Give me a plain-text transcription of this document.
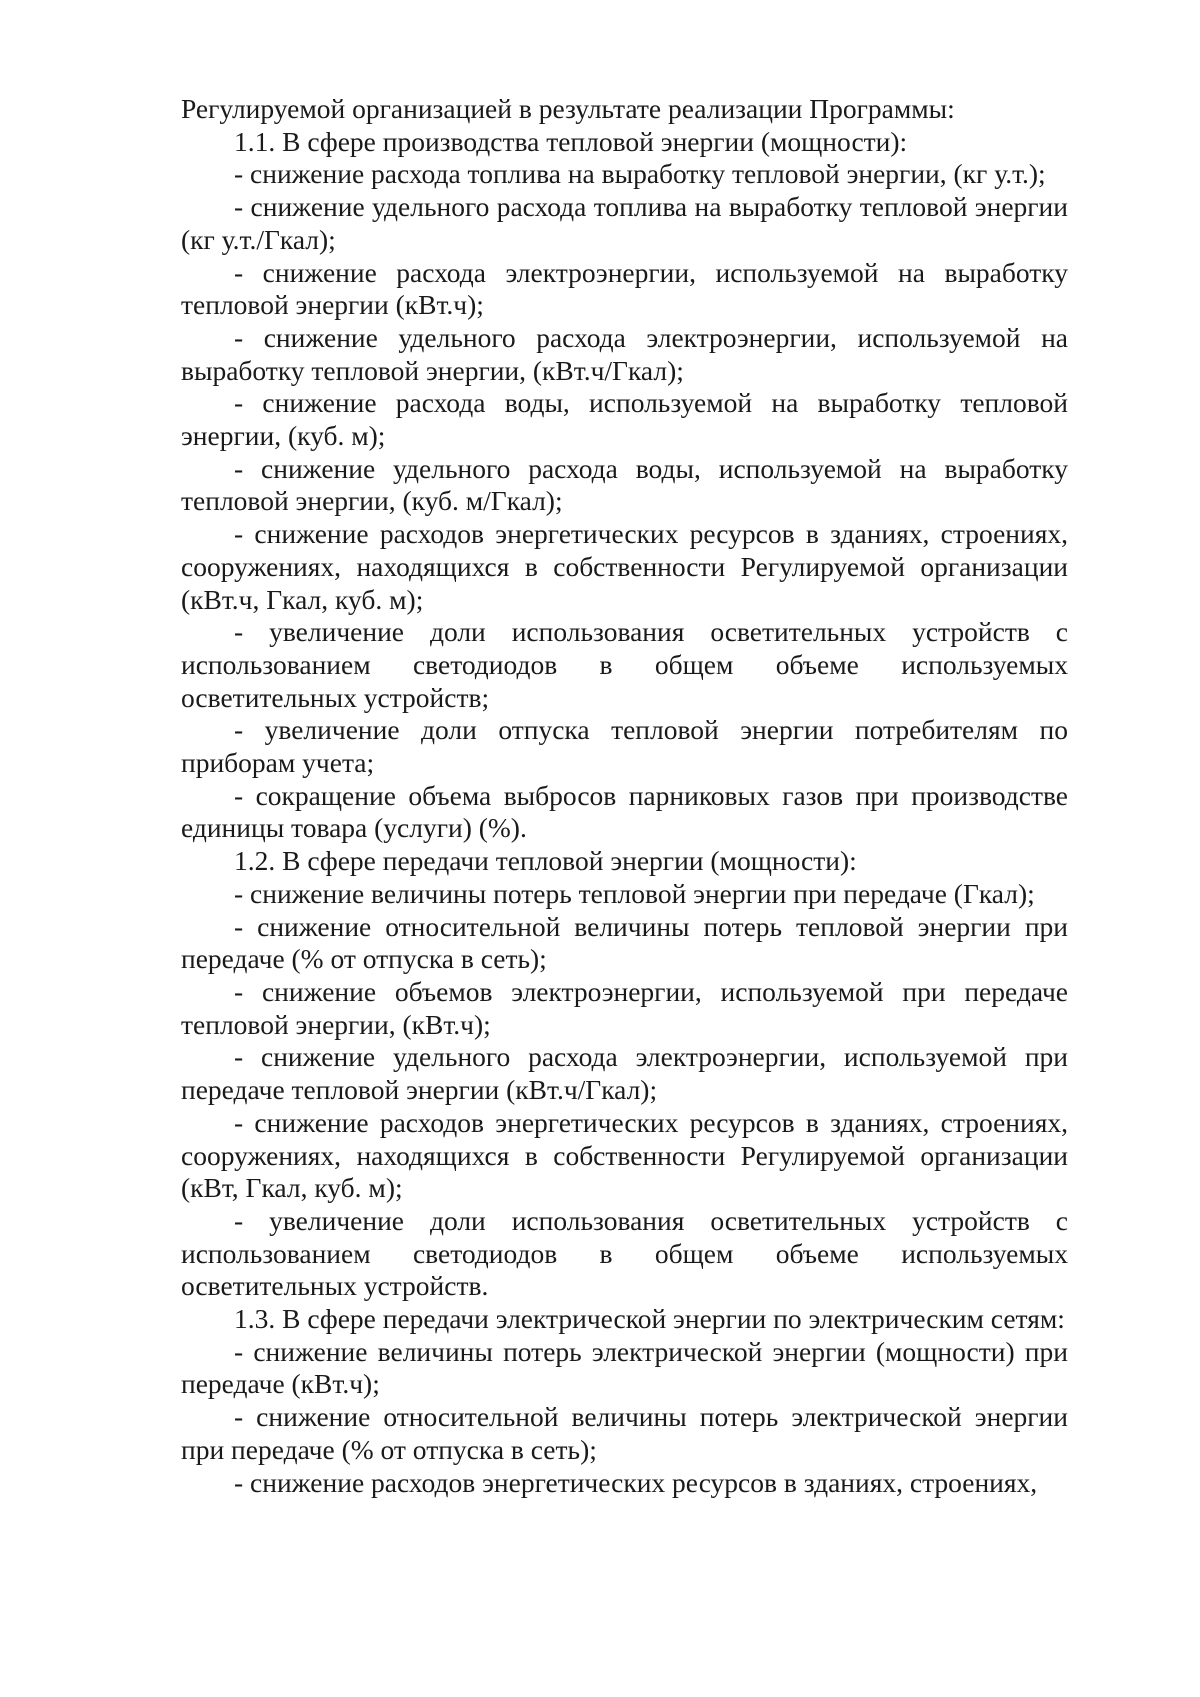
Регулируемой организацией в результате реализации Программы:

1.1. В сфере производства тепловой энергии (мощности):

- снижение расхода топлива на выработку тепловой энергии, (кг у.т.);

- снижение удельного расхода топлива на выработку тепловой энергии (кг у.т./Гкал);

- снижение расхода электроэнергии, используемой на выработку тепловой энергии (кВт.ч);

- снижение удельного расхода электроэнергии, используемой на выработку тепловой энергии, (кВт.ч/Гкал);

- снижение расхода воды, используемой на выработку тепловой энергии, (куб. м);

- снижение удельного расхода воды, используемой на выработку тепловой энергии, (куб. м/Гкал);

- снижение расходов энергетических ресурсов в зданиях, строениях, сооружениях, находящихся в собственности Регулируемой организации (кВт.ч, Гкал, куб. м);

- увеличение доли использования осветительных устройств с использованием светодиодов в общем объеме используемых осветительных устройств;

- увеличение доли отпуска тепловой энергии потребителям по приборам учета;

- сокращение объема выбросов парниковых газов при производстве единицы товара (услуги) (%).

1.2. В сфере передачи тепловой энергии (мощности):

- снижение величины потерь тепловой энергии при передаче (Гкал);

- снижение относительной величины потерь тепловой энергии при передаче (% от отпуска в сеть);

- снижение объемов электроэнергии, используемой при передаче тепловой энергии, (кВт.ч);

- снижение удельного расхода электроэнергии, используемой при передаче тепловой энергии (кВт.ч/Гкал);

- снижение расходов энергетических ресурсов в зданиях, строениях, сооружениях, находящихся в собственности Регулируемой организации (кВт, Гкал, куб. м);

- увеличение доли использования осветительных устройств с использованием светодиодов в общем объеме используемых осветительных устройств.

1.3. В сфере передачи электрической энергии по электрическим сетям:

- снижение величины потерь электрической энергии (мощности) при передаче (кВт.ч);

- снижение относительной величины потерь электрической энергии при передаче (% от отпуска в сеть);

- снижение расходов энергетических ресурсов в зданиях, строениях,
